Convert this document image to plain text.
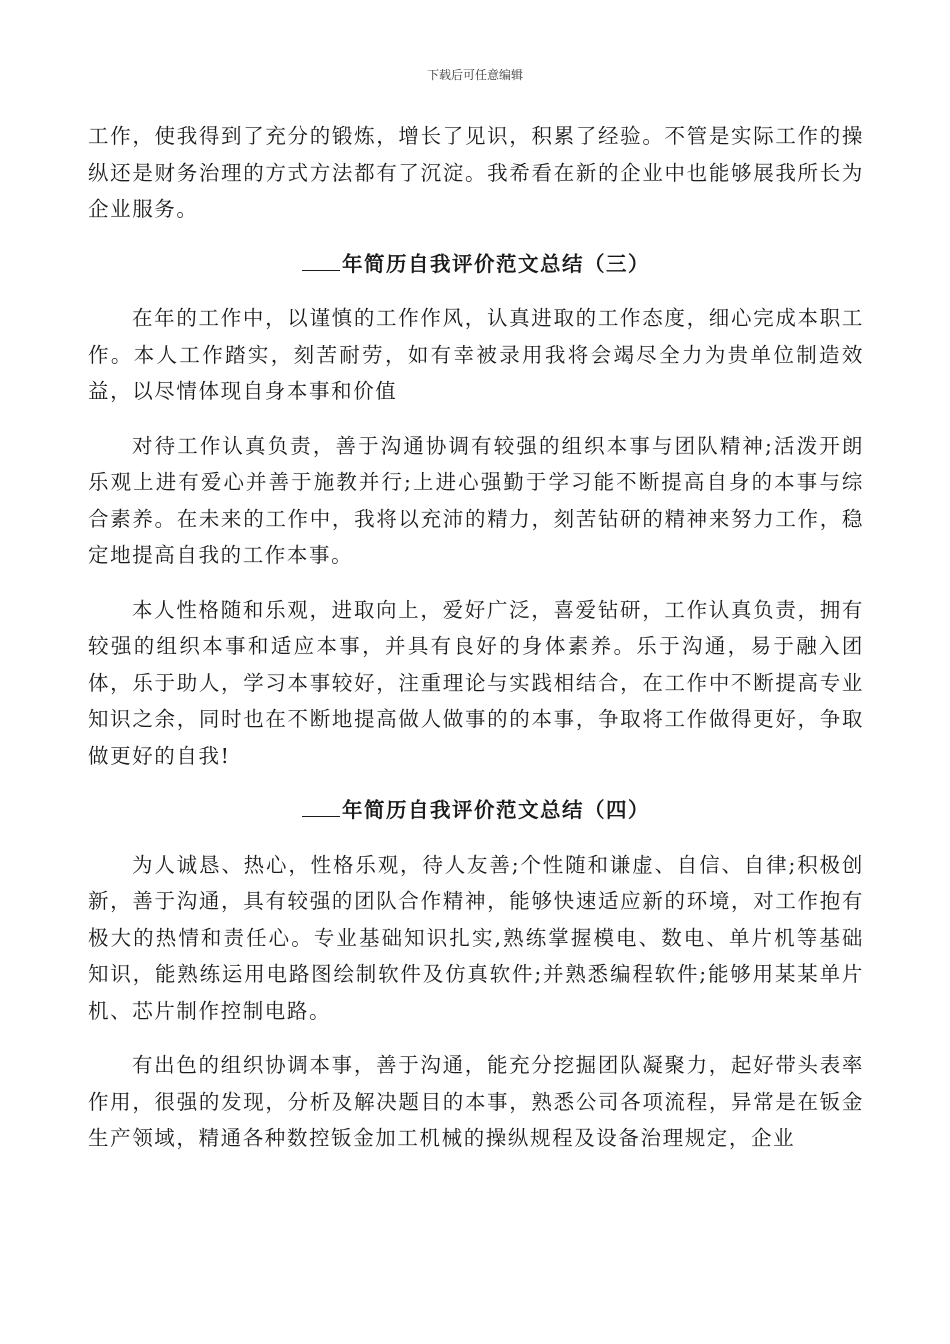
下载后可任意编辑

工作，使我得到了充分的锻炼，增长了见识，积累了经验。不管是实际工作的操纵还是财务治理的方式方法都有了沉淀。我希看在新的企业中也能够展我所长为企业服务。

年简历自我评价范文总结（三）

在年的工作中，以谨慎的工作作风，认真进取的工作态度，细心完成本职工作。本人工作踏实，刻苦耐劳，如有幸被录用我将会竭尽全力为贵单位制造效益，以尽情体现自身本事和价值

对待工作认真负责，善于沟通协调有较强的组织本事与团队精神;活泼开朗乐观上进有爱心并善于施教并行;上进心强勤于学习能不断提高自身的本事与综合素养。在未来的工作中，我将以充沛的精力，刻苦钻研的精神来努力工作，稳定地提高自我的工作本事。

本人性格随和乐观，进取向上，爱好广泛，喜爱钻研，工作认真负责，拥有较强的组织本事和适应本事，并具有良好的身体素养。乐于沟通，易于融入团体，乐于助人，学习本事较好，注重理论与实践相结合，在工作中不断提高专业知识之余，同时也在不断地提高做人做事的的本事，争取将工作做得更好，争取做更好的自我!

年简历自我评价范文总结（四）

为人诚恳、热心，性格乐观，待人友善;个性随和谦虚、自信、自律;积极创新，善于沟通，具有较强的团队合作精神，能够快速适应新的环境，对工作抱有极大的热情和责任心。专业基础知识扎实,熟练掌握模电、数电、单片机等基础知识，能熟练运用电路图绘制软件及仿真软件;并熟悉编程软件;能够用某某单片机、芯片制作控制电路。

有出色的组织协调本事，善于沟通，能充分挖掘团队凝聚力，起好带头表率作用，很强的发现，分析及解决题目的本事，熟悉公司各项流程，异常是在钣金生产领域，精通各种数控钣金加工机械的操纵规程及设备治理规定，企业
